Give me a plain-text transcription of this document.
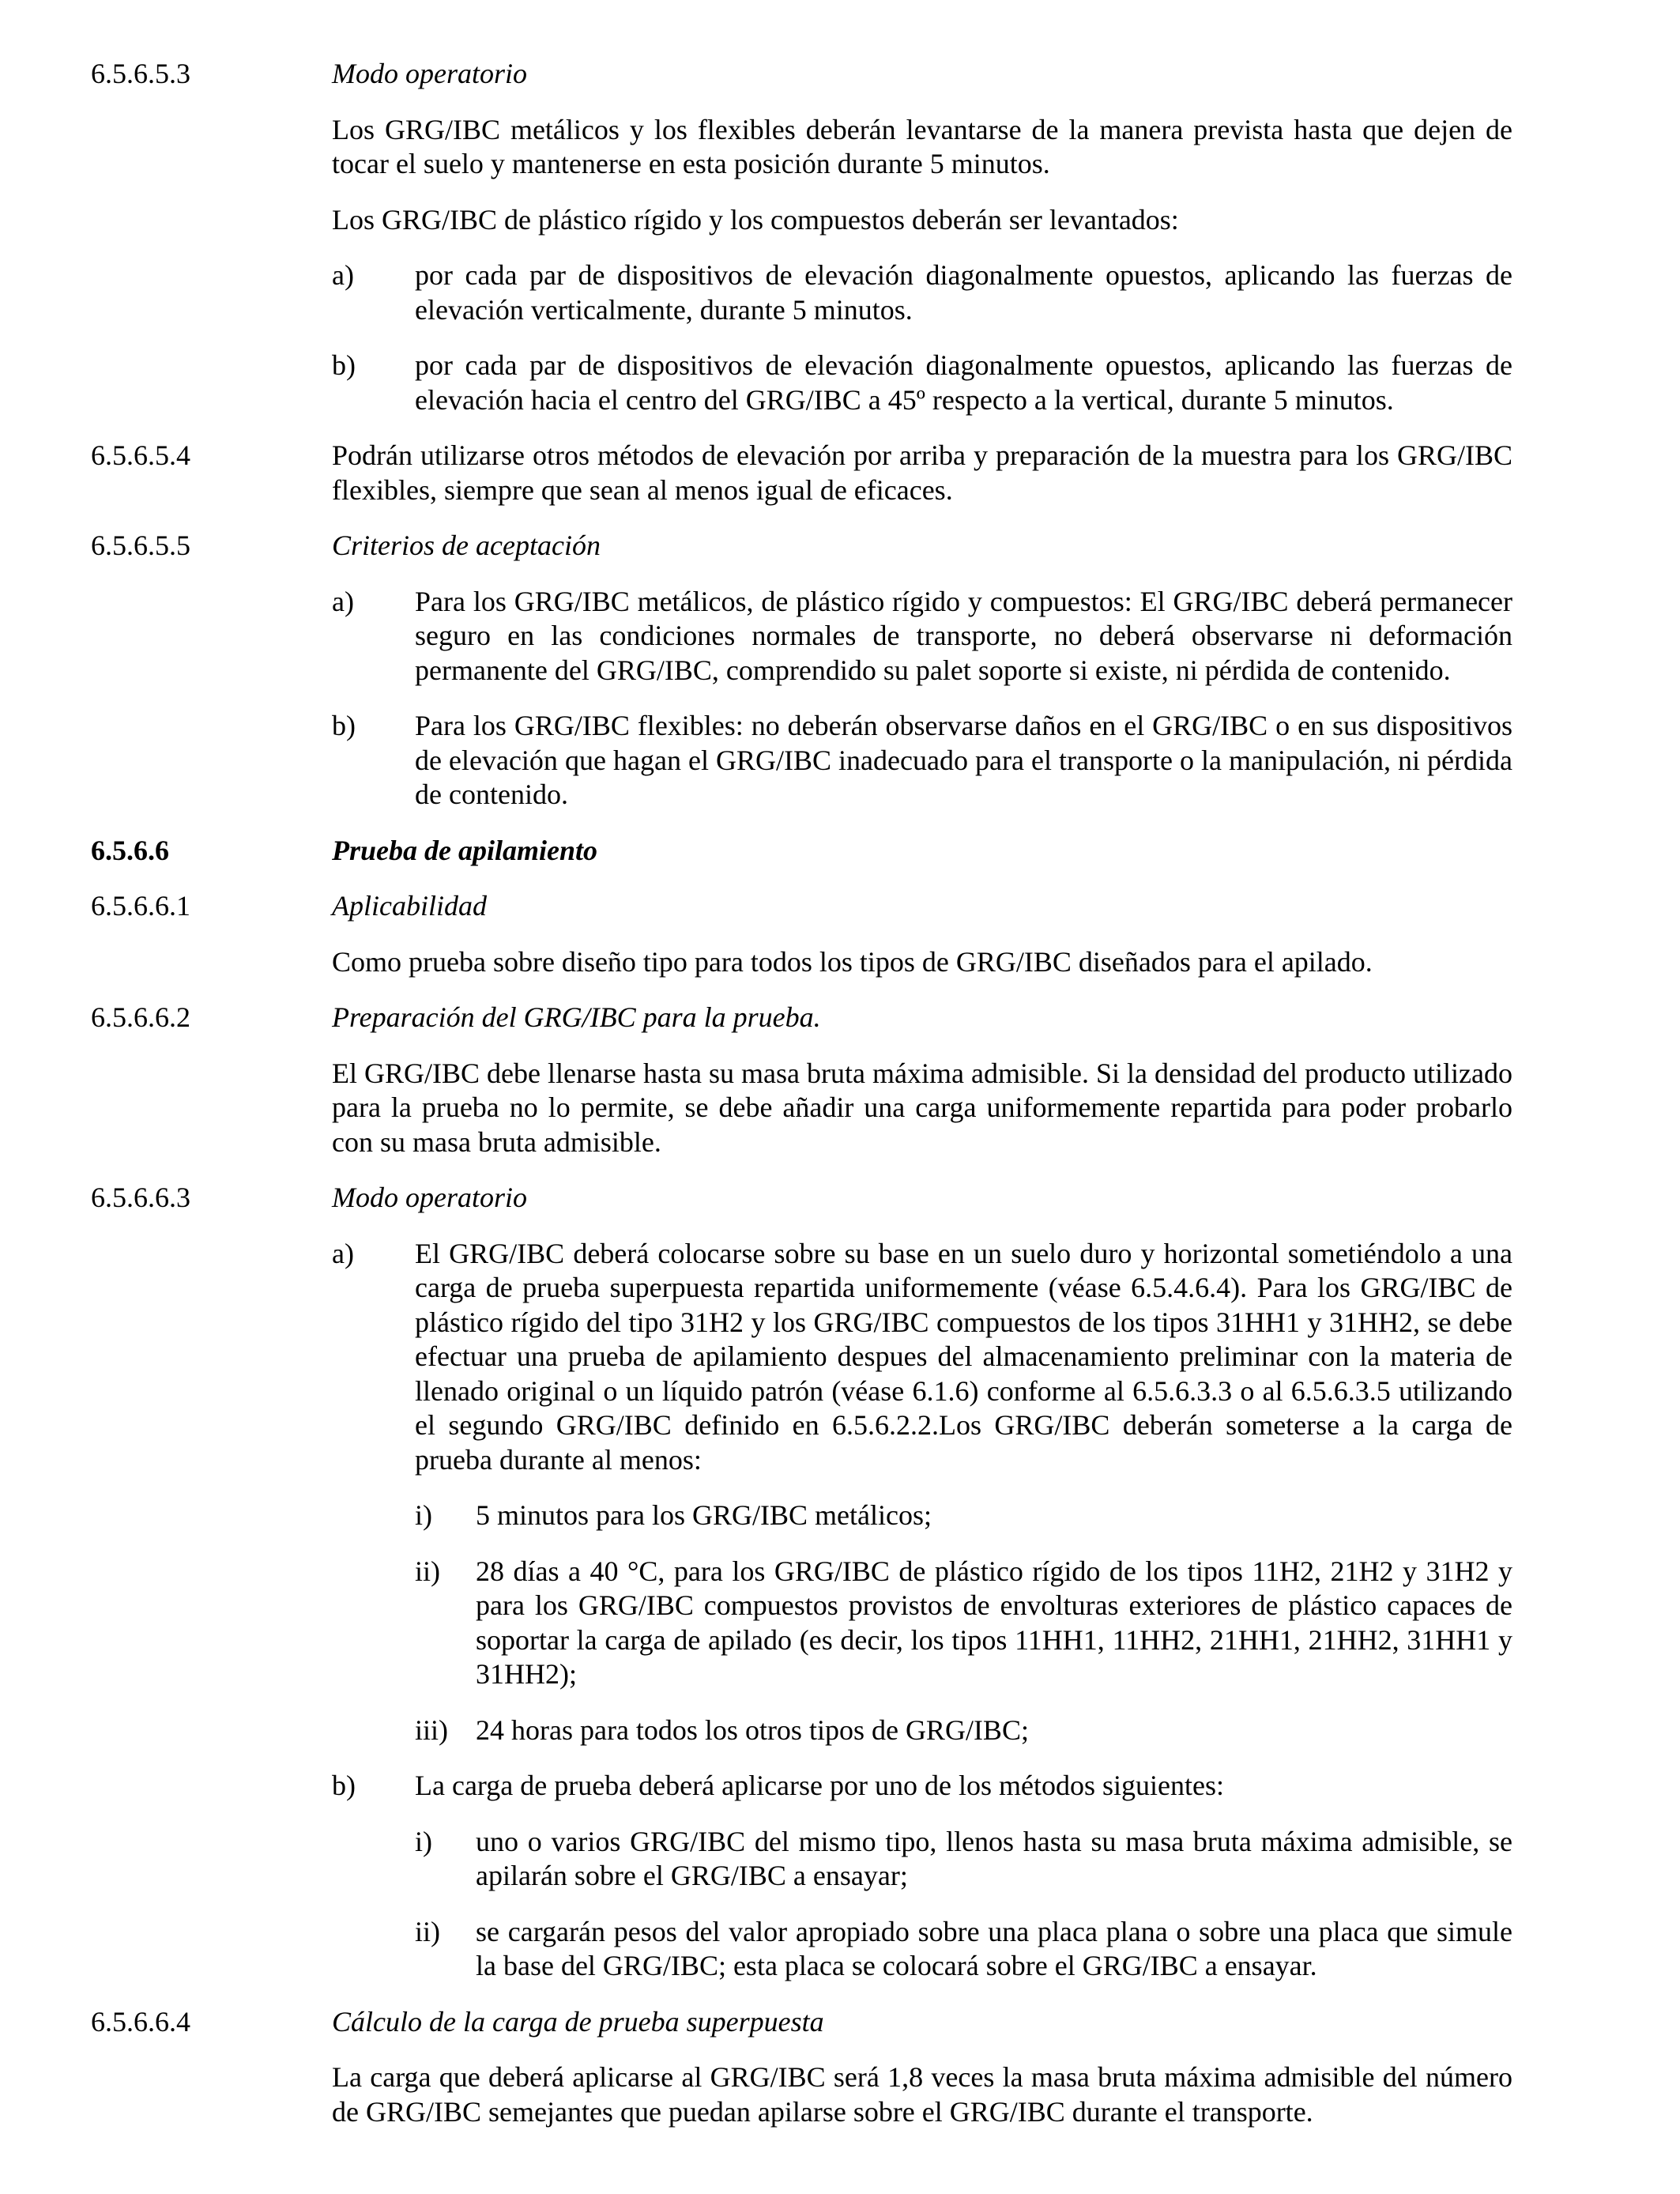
6.5.6.5.3	Modo operatorio
Los GRG/IBC metálicos y los flexibles deberán levantarse de la manera prevista hasta que dejen de tocar el suelo y mantenerse en esta posición durante 5 minutos.
Los GRG/IBC de plástico rígido y los compuestos deberán ser levantados:
a) por cada par de dispositivos de elevación diagonalmente opuestos, aplicando las fuerzas de elevación verticalmente, durante 5 minutos.
b) por cada par de dispositivos de elevación diagonalmente opuestos, aplicando las fuerzas de elevación hacia el centro del GRG/IBC a 45º respecto a la vertical, durante 5 minutos.
6.5.6.5.4	Podrán utilizarse otros métodos de elevación por arriba y preparación de la muestra para los GRG/IBC flexibles, siempre que sean al menos igual de eficaces.
6.5.6.5.5	Criterios de aceptación
a) Para los GRG/IBC metálicos, de plástico rígido y compuestos: El GRG/IBC deberá permanecer seguro en las condiciones normales de transporte, no deberá observarse ni deformación permanente del GRG/IBC, comprendido su palet soporte si existe, ni pérdida de contenido.
b) Para los GRG/IBC flexibles: no deberán observarse daños en el GRG/IBC o en sus dispositivos de elevación que hagan el GRG/IBC inadecuado para el transporte o la manipulación, ni pérdida de contenido.
6.5.6.6	Prueba de apilamiento
6.5.6.6.1	Aplicabilidad
Como prueba sobre diseño tipo para todos los tipos de GRG/IBC diseñados para el apilado.
6.5.6.6.2	Preparación del GRG/IBC para la prueba.
El GRG/IBC debe llenarse hasta su masa bruta máxima admisible. Si la densidad del producto utilizado para la prueba no lo permite, se debe añadir una carga uniformemente repartida para poder probarlo con su masa bruta admisible.
6.5.6.6.3	Modo operatorio
a) El GRG/IBC deberá colocarse sobre su base en un suelo duro y horizontal sometiéndolo a una carga de prueba superpuesta repartida uniformemente (véase 6.5.4.6.4). Para los GRG/IBC de plástico rígido del tipo 31H2 y los GRG/IBC compuestos de los tipos 31HH1 y 31HH2, se debe efectuar una prueba de apilamiento despues del almacenamiento preliminar con la materia de llenado original o un líquido patrón (véase 6.1.6) conforme al 6.5.6.3.3 o al 6.5.6.3.5 utilizando el segundo GRG/IBC definido en 6.5.6.2.2.Los GRG/IBC deberán someterse a la carga de prueba durante al menos:
i) 5 minutos para los GRG/IBC metálicos;
ii) 28 días a 40 °C, para los GRG/IBC de plástico rígido de los tipos 11H2, 21H2 y 31H2 y para los GRG/IBC compuestos provistos de envolturas exteriores de plástico capaces de soportar la carga de apilado (es decir, los tipos 11HH1, 11HH2, 21HH1, 21HH2, 31HH1 y 31HH2);
iii) 24 horas para todos los otros tipos de GRG/IBC;
b) La carga de prueba deberá aplicarse por uno de los métodos siguientes:
i) uno o varios GRG/IBC del mismo tipo, llenos hasta su masa bruta máxima admisible, se apilarán sobre el GRG/IBC a ensayar;
ii) se cargarán pesos del valor apropiado sobre una placa plana o sobre una placa que simule la base del GRG/IBC; esta placa se colocará sobre el GRG/IBC a ensayar.
6.5.6.6.4	Cálculo de la carga de prueba superpuesta
La carga que deberá aplicarse al GRG/IBC será 1,8 veces la masa bruta máxima admisible del número de GRG/IBC semejantes que puedan apilarse sobre el GRG/IBC durante el transporte.
